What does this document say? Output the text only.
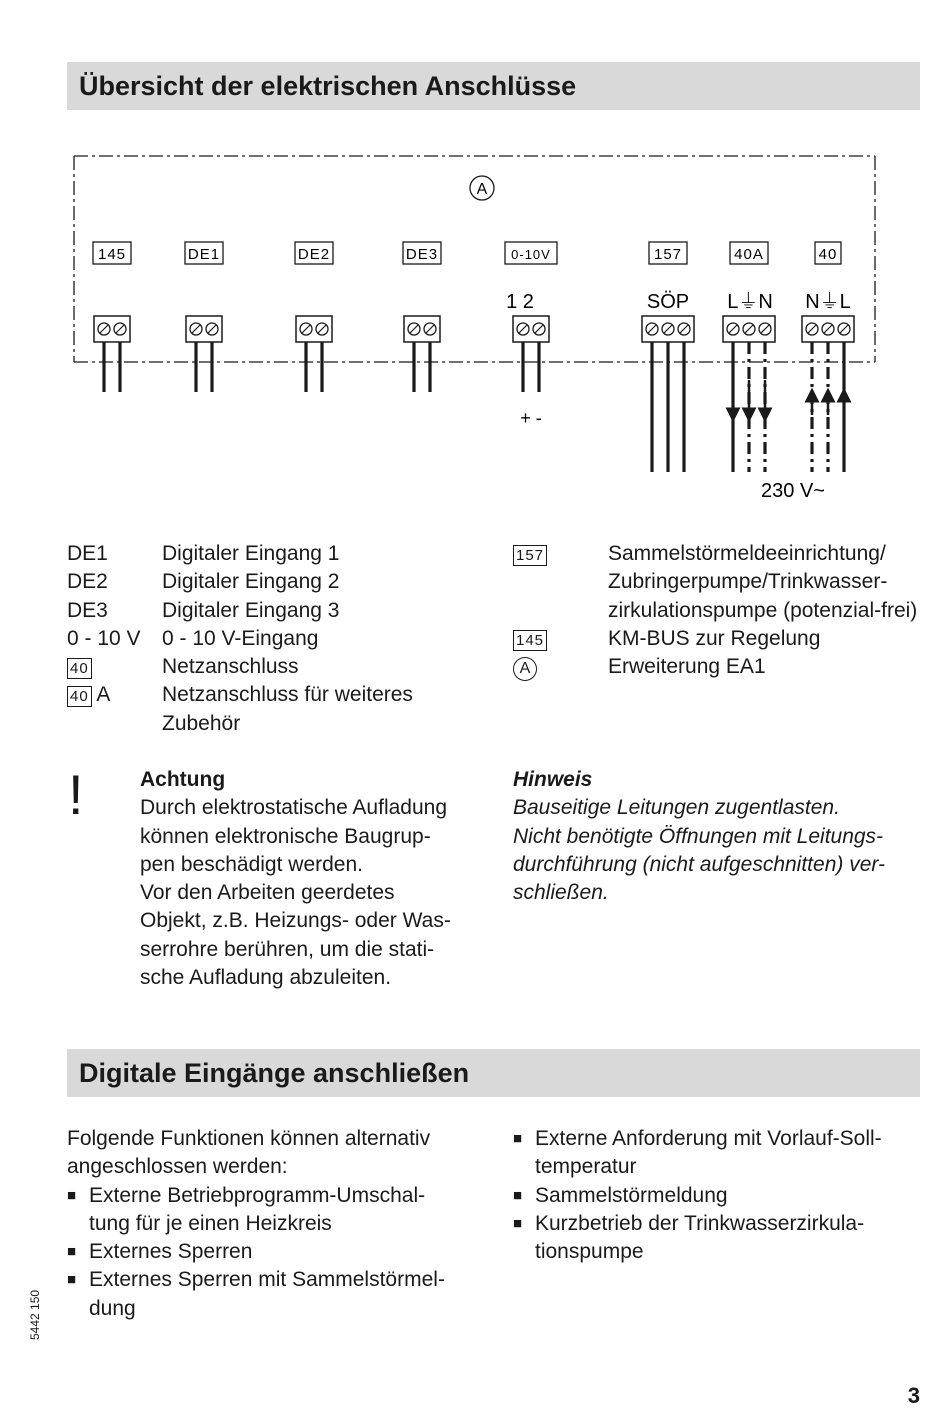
Übersicht der elektrischen Anschlüsse
A
145	DE1	DE2	DE3	0-10V	157	40A	40
1 2	SÖP L⏚N N⏚L
+ -
230 V~
DE1	Digitaler Eingang 1
DE2	Digitaler Eingang 2
DE3	Digitaler Eingang 3
0 - 10 V	0 - 10 V-Eingang
40	Netzanschluss
40 A	Netzanschluss für weiteres Zubehör
157	Sammelstörmeldeeinrichtung/ Zubringerpumpe/Trinkwasser-zirkulationspumpe (potenzial-frei)
145	KM-BUS zur Regelung
A	Erweiterung EA1
!	Achtung

Durch elektrostatische Aufladung

können elektronische Baugrup-

pen beschädigt werden.

Vor den Arbeiten geerdetes

Objekt, z.B. Heizungs- oder Was-

serrohre berühren, um die stati-

sche Aufladung abzuleiten.

Hinweis

Bauseitige Leitungen zugentlasten.

Nicht benötigte Öffnungen mit Leitungs-

durchführung (nicht aufgeschnitten) ver-

schließen.

Digitale Eingänge anschließen

Folgende Funktionen können alternativ

angeschlossen werden:

■ Externe Betriebprogramm-Umschal-
tung für je einen Heizkreis
■ Externes Sperren
■ Externes Sperren mit Sammelstörmel-
dung
■ Externe Anforderung mit Vorlauf-Soll-
temperatur
■ Sammelstörmeldung
■ Kurzbetrieb der Trinkwasserzirkula-
tionspumpe
5442 150
3
